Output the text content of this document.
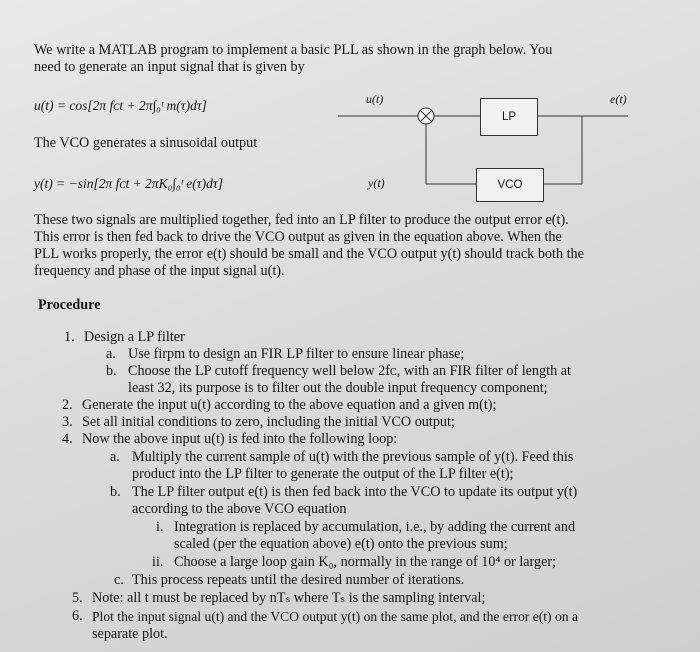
We write a MATLAB program to implement a basic PLL as shown in the graph below. You
need to generate an input signal that is given by
u(t) = cos[2π fᴄt + 2π∫₀ᵗ m(τ)dτ]
The VCO generates a sinusoidal output
y(t) = −sin[2π fᴄt + 2πK₀∫₀ᵗ e(τ)dτ]
u(t)	e(t)
y(t)
LP
VCO
These two signals are multiplied together, fed into an LP filter to produce the output error e(t).
This error is then fed back to drive the VCO output as given in the equation above. When the
PLL works properly, the error e(t) should be small and the VCO output y(t) should track both the
frequency and phase of the input signal u(t).
Procedure
1. Design a LP filter
a. Use firpm to design an FIR LP filter to ensure linear phase;
b. Choose the LP cutoff frequency well below 2fᴄ, with an FIR filter of length at
least 32, its purpose is to filter out the double input frequency component;
2. Generate the input u(t) according to the above equation and a given m(t);
3. Set all initial conditions to zero, including the initial VCO output;
4. Now the above input u(t) is fed into the following loop:
a. Multiply the current sample of u(t) with the previous sample of y(t). Feed this
product into the LP filter to generate the output of the LP filter e(t);
b. The LP filter output e(t) is then fed back into the VCO to update its output y(t)
according to the above VCO equation
i. Integration is replaced by accumulation, i.e., by adding the current and
scaled (per the equation above) e(t) onto the previous sum;
ii. Choose a large loop gain K₀, normally in the range of 10⁴ or larger;
c. This process repeats until the desired number of iterations.
5. Note: all t must be replaced by nTₛ where Tₛ is the sampling interval;
6. Plot the input signal u(t) and the VCO output y(t) on the same plot, and the error e(t) on a
separate plot.
